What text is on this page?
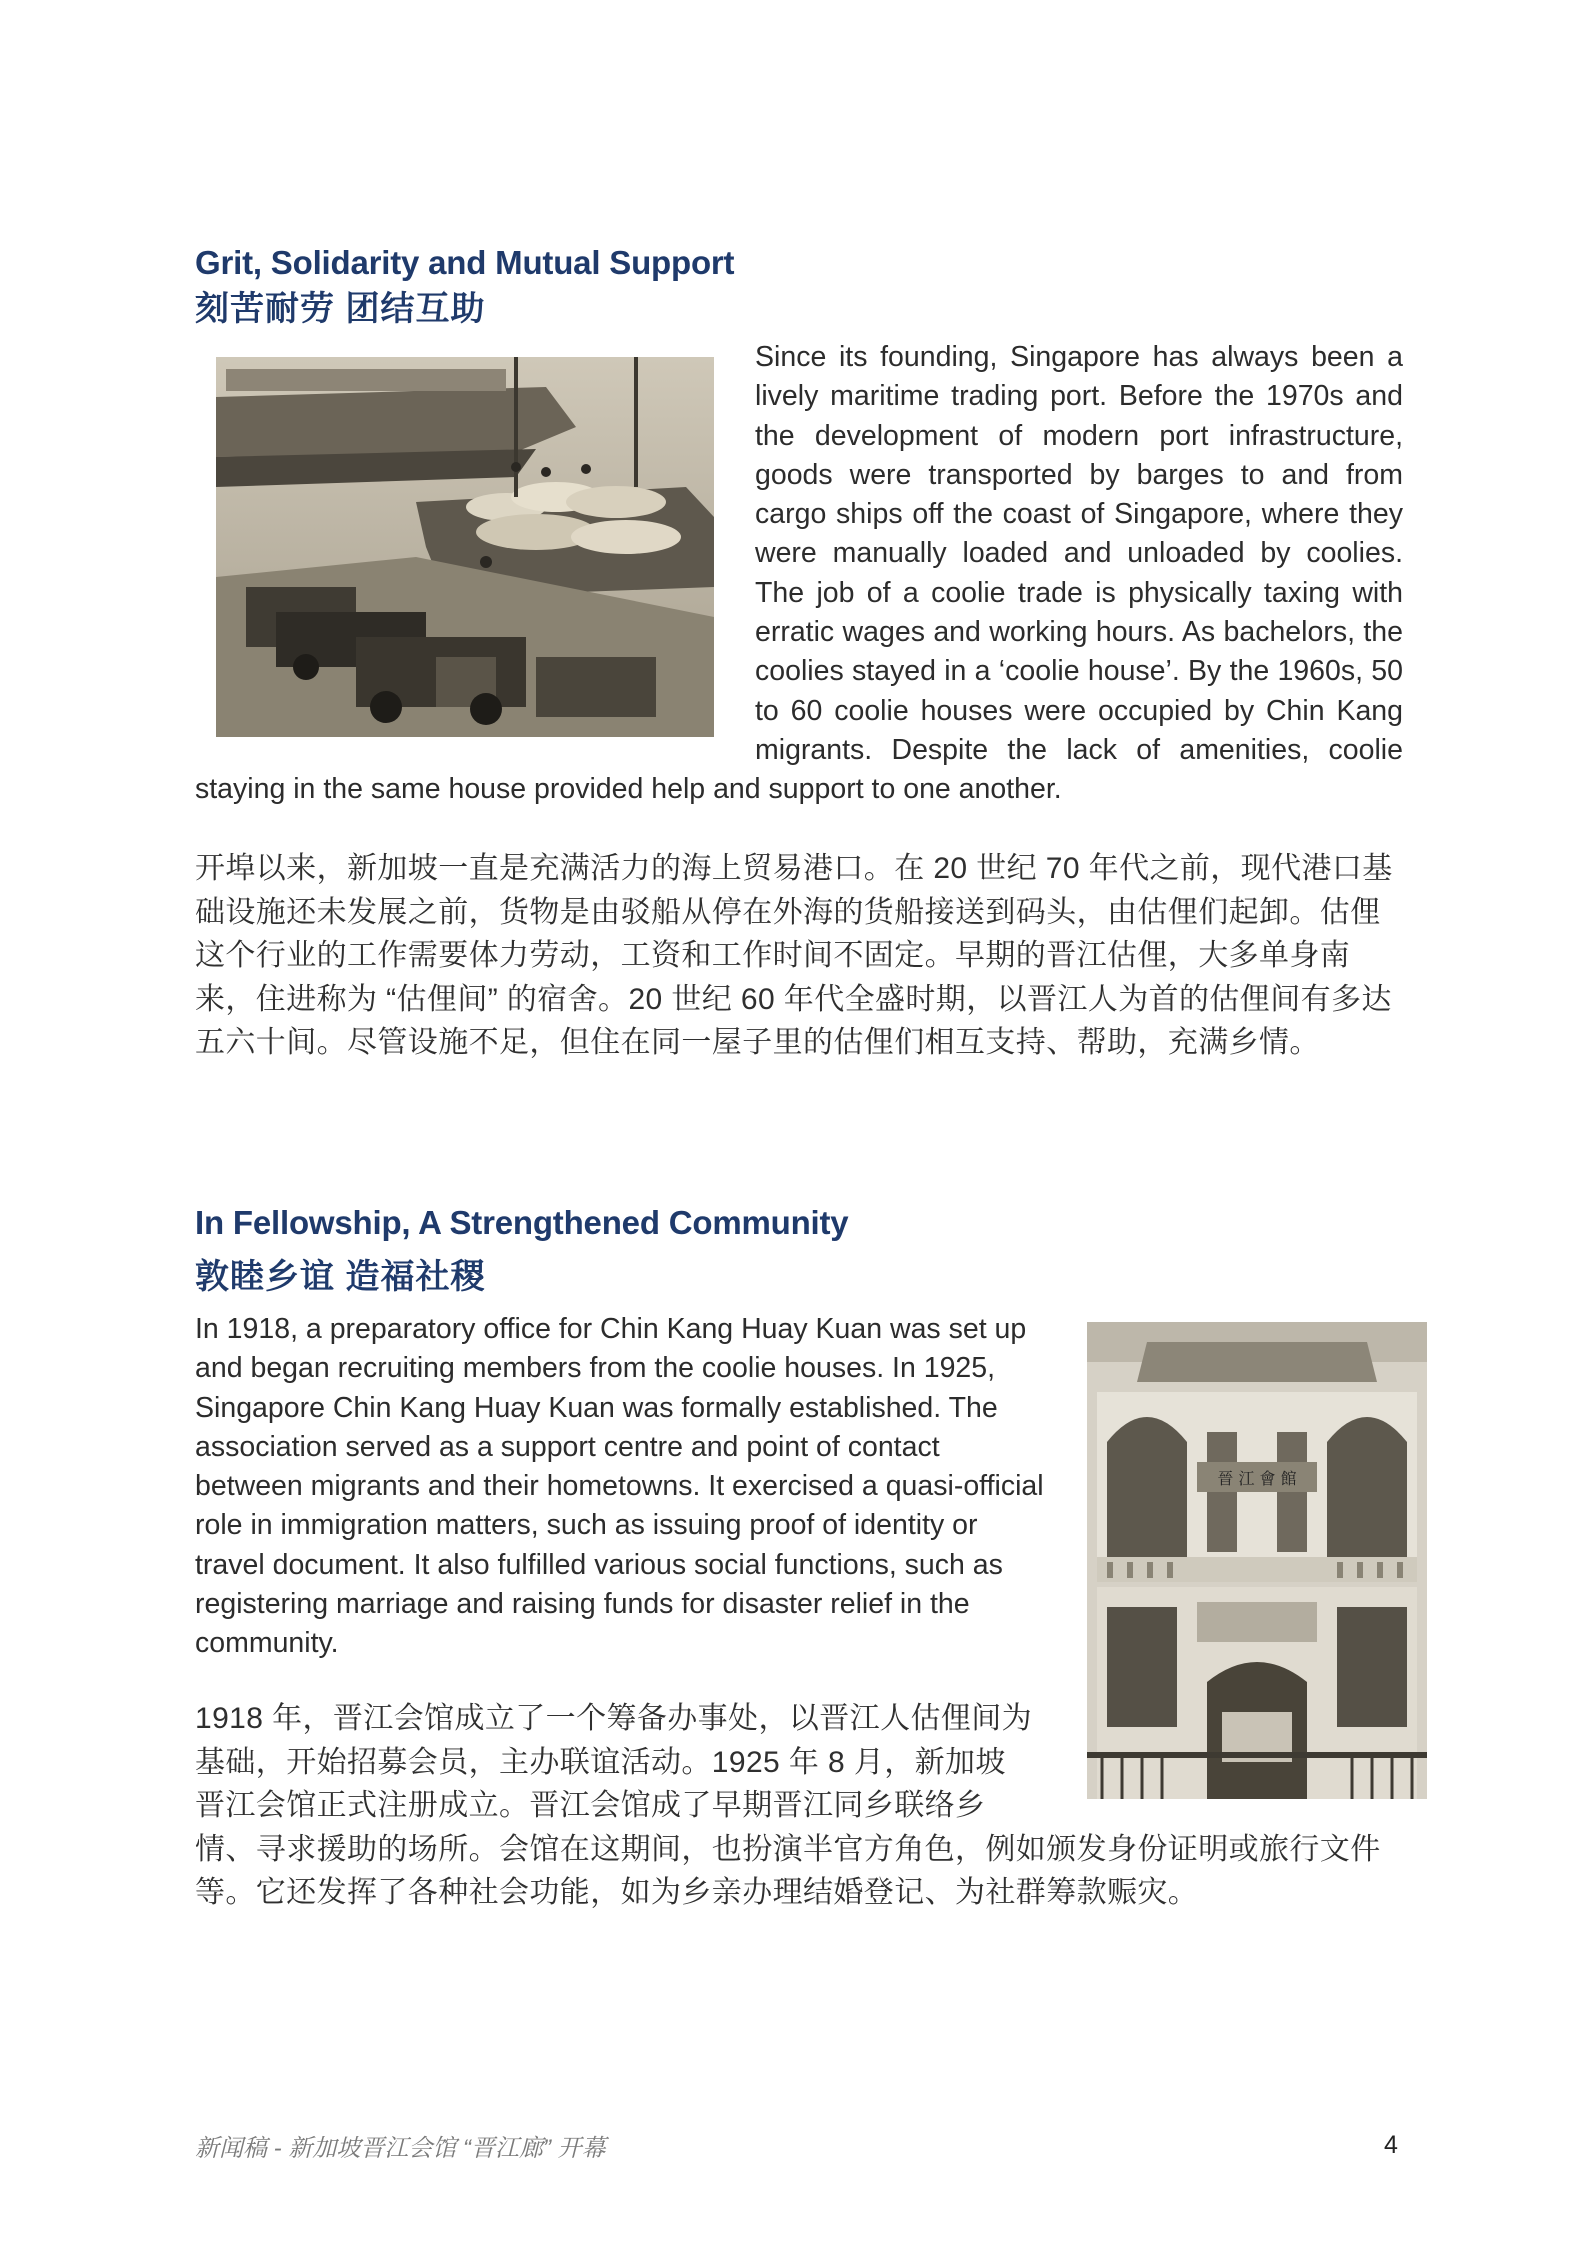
Grit, Solidarity and Mutual Support
刻苦耐劳 团结互助

Since its founding, Singapore has always been a lively maritime trading port. Before the 1970s and the development of modern port infrastructure, goods were transported by barges to and from cargo ships off the coast of Singapore, where they were manually loaded and unloaded by coolies. The job of a coolie trade is physically taxing with erratic wages and working hours. As bachelors, the coolies stayed in a ‘coolie house’. By the 1960s, 50 to 60 coolie houses were occupied by Chin Kang migrants. Despite the lack of amenities, coolie staying in the same house provided help and support to one another.

开埠以来，新加坡一直是充满活力的海上贸易港口。在 20 世纪 70 年代之前，现代港口基础设施还未发展之前，货物是由驳船从停在外海的货船接送到码头，由估俚们起卸。估俚这个行业的工作需要体力劳动，工资和工作时间不固定。早期的晋江估俚，大多单身南来，住进称为 “估俚间” 的宿舍。20 世纪 60 年代全盛时期，以晋江人为首的估俚间有多达五六十间。尽管设施不足，但住在同一屋子里的估俚们相互支持、帮助，充满乡情。

In Fellowship, A Strengthened Community
敦睦乡谊 造福社稷
晉 江 會 館

In 1918, a preparatory office for Chin Kang Huay Kuan was set up and began recruiting members from the coolie houses. In 1925, Singapore Chin Kang Huay Kuan was formally established. The association served as a support centre and point of contact between migrants and their hometowns. It exercised a quasi-official role in immigration matters, such as issuing proof of identity or travel document. It also fulfilled various social functions, such as registering marriage and raising funds for disaster relief in the community.

1918 年，晋江会馆成立了一个筹备办事处，以晋江人估俚间为基础，开始招募会员，主办联谊活动。1925 年 8 月，新加坡晋江会馆正式注册成立。晋江会馆成了早期晋江同乡联络乡情、寻求援助的场所。会馆在这期间，也扮演半官方角色，例如颁发身份证明或旅行文件等。它还发挥了各种社会功能，如为乡亲办理结婚登记、为社群筹款赈灾。

新闻稿 - 新加坡晋江会馆 “晋江廊” 开幕	4
